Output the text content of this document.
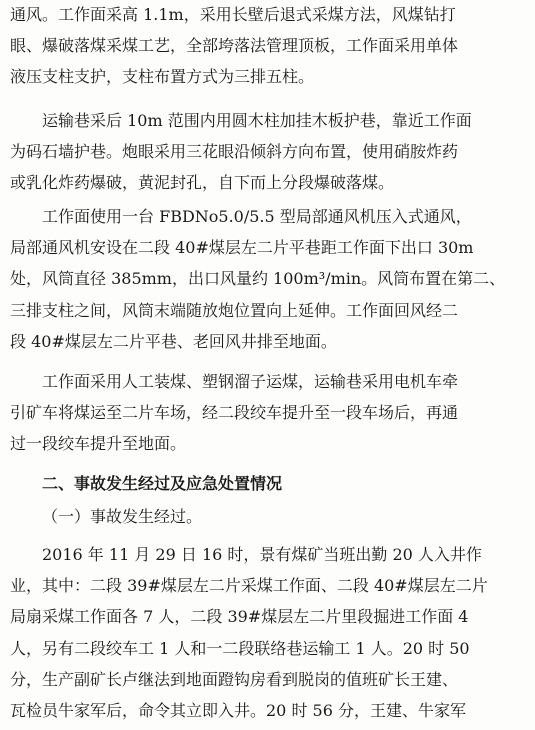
通风。工作面采高 1.1m，采用长壁后退式采煤方法，风煤钻打
眼、爆破落煤采煤工艺，全部垮落法管理顶板，工作面采用单体
液压支柱支护，支柱布置方式为三排五柱。
运输巷采后 10m 范围内用圆木柱加挂木板护巷，靠近工作面
为码石墙护巷。炮眼采用三花眼沿倾斜方向布置，使用硝胺炸药
或乳化炸药爆破，黄泥封孔，自下而上分段爆破落煤。
工作面使用一台 FBDNo5.0/5.5 型局部通风机压入式通风，
局部通风机安设在二段 40#煤层左二片平巷距工作面下出口 30m
处，风筒直径 385mm，出口风量约 100m³/min。风筒布置在第二、
三排支柱之间，风筒末端随放炮位置向上延伸。工作面回风经二
段 40#煤层左二片平巷、老回风井排至地面。
工作面采用人工装煤、塑钢溜子运煤，运输巷采用电机车牵
引矿车将煤运至二片车场，经二段绞车提升至一段车场后，再通
过一段绞车提升至地面。
二、事故发生经过及应急处置情况
（一）事故发生经过。
2016 年 11 月 29 日 16 时，景有煤矿当班出勤 20 人入井作
业，其中：二段 39#煤层左二片采煤工作面、二段 40#煤层左二片
局扇采煤工作面各 7 人，二段 39#煤层左二片里段掘进工作面 4
人，另有二段绞车工 1 人和一二段联络巷运输工 1 人。20 时 50
分，生产副矿长卢继法到地面蹬钩房看到脱岗的值班矿长王建、
瓦检员牛家军后，命令其立即入井。20 时 56 分，王建、牛家军
